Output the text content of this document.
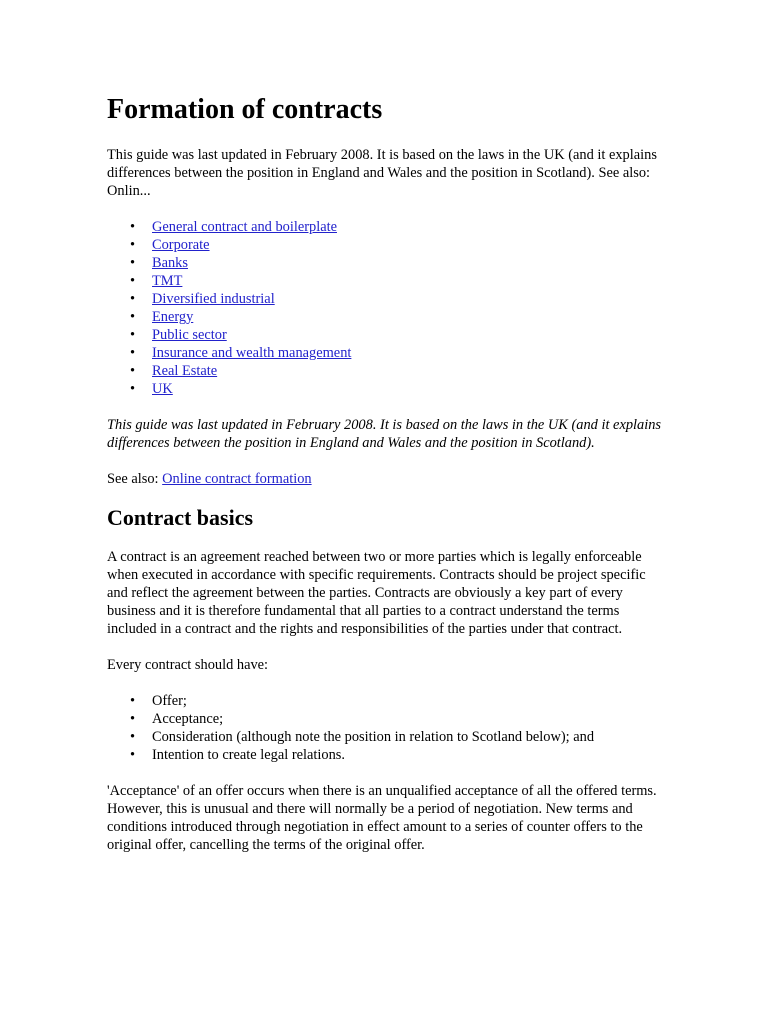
Formation of contracts

This guide was last updated in February 2008. It is based on the laws in the UK (and it explains differences between the position in England and Wales and the position in Scotland). See also: Onlin...

• General contract and boilerplate
• Corporate
• Banks
• TMT
• Diversified industrial
• Energy
• Public sector
• Insurance and wealth management
• Real Estate
• UK

This guide was last updated in February 2008. It is based on the laws in the UK (and it explains differences between the position in England and Wales and the position in Scotland).

See also: Online contract formation

Contract basics

A contract is an agreement reached between two or more parties which is legally enforceable when executed in accordance with specific requirements. Contracts should be project specific and reflect the agreement between the parties. Contracts are obviously a key part of every business and it is therefore fundamental that all parties to a contract understand the terms included in a contract and the rights and responsibilities of the parties under that contract.

Every contract should have:

• Offer;
• Acceptance;
• Consideration (although note the position in relation to Scotland below); and
• Intention to create legal relations.

'Acceptance' of an offer occurs when there is an unqualified acceptance of all the offered terms. However, this is unusual and there will normally be a period of negotiation. New terms and conditions introduced through negotiation in effect amount to a series of counter offers to the original offer, cancelling the terms of the original offer.
